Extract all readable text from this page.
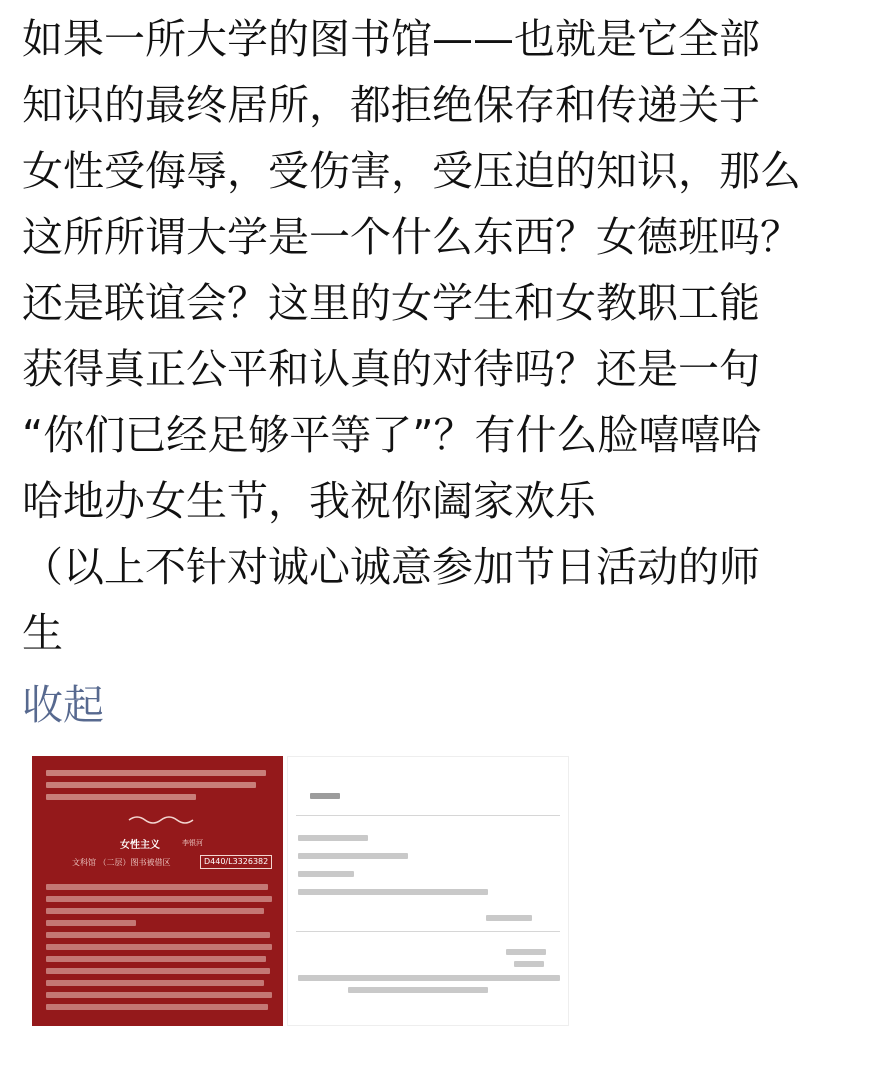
如果一所大学的图书馆——也就是它全部
知识的最终居所，都拒绝保存和传递关于
女性受侮辱，受伤害，受压迫的知识，那么
这所所谓大学是一个什么东西？女德班吗？
还是联谊会？这里的女学生和女教职工能
获得真正公平和认真的对待吗？还是一句
“你们已经足够平等了”？有什么脸嘻嘻哈
哈地办女生节，我祝你阖家欢乐
（以上不针对诚心诚意参加节日活动的师
生
收起
女性主义	李银河
文科馆 （二层）图书被借区	D440/L3326382
